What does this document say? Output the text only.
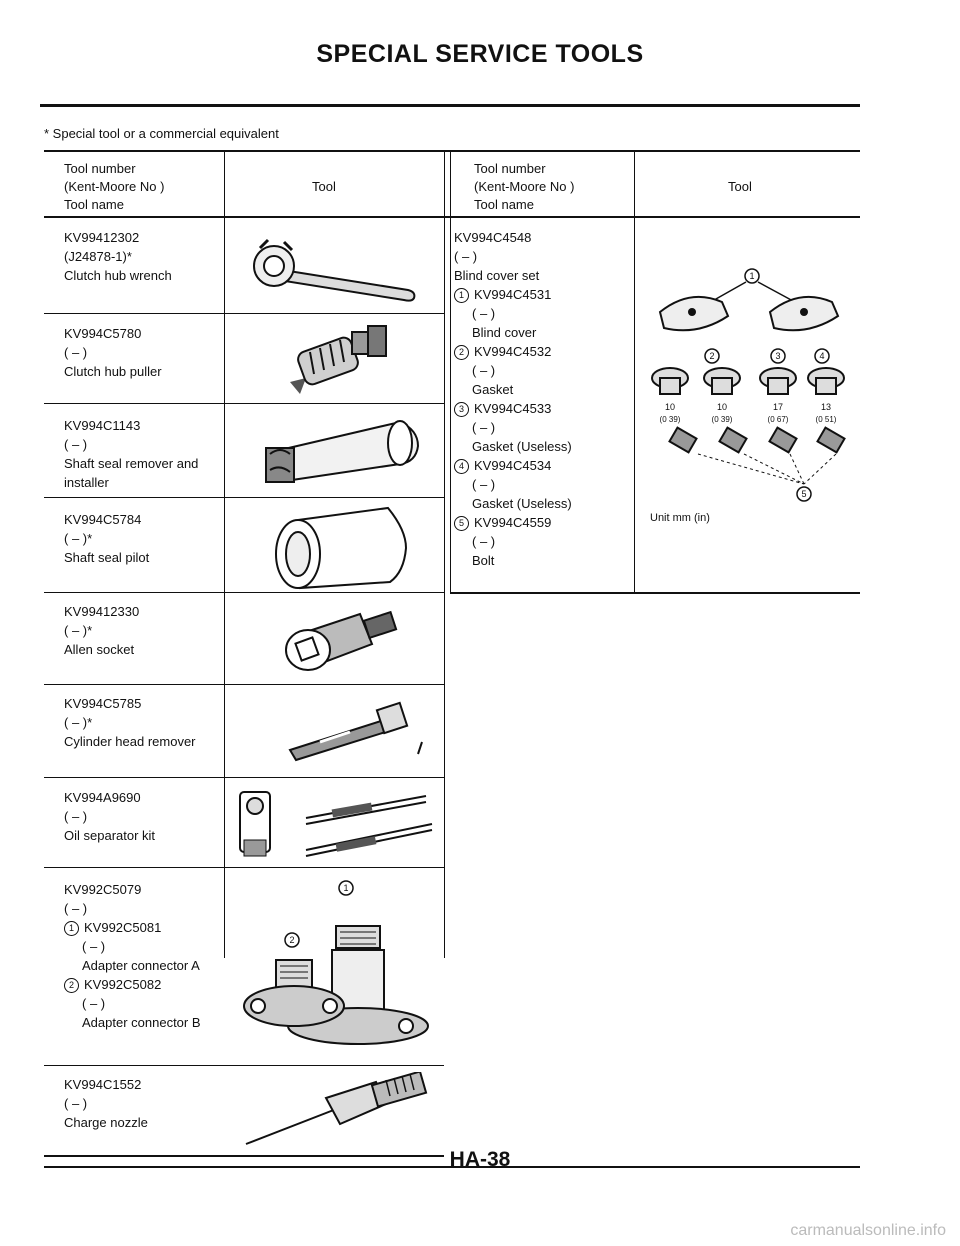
SPECIAL SERVICE TOOLS
* Special tool or a commercial equivalent
Tool number
(Kent-Moore No )
Tool name
Tool
Tool number
(Kent-Moore No )
Tool name
Tool
KV99412302
(J24878-1)*
Clutch hub wrench
KV994C5780
( – )
Clutch hub puller
KV994C1143
( – )
Shaft seal remover and
installer
KV994C5784
( – )*
Shaft seal pilot
KV99412330
( – )*
Allen socket
KV994C5785
( – )*
Cylinder head remover
KV994A9690
( – )
Oil separator kit
KV992C5079
( – )
1 KV992C5081
( – )
Adapter connector A
2 KV992C5082
( – )
Adapter connector B
KV994C1552
( – )
Charge nozzle
KV994C4548
( – )
Blind cover set
1 KV994C4531
( – )
Blind cover
2 KV994C4532
( – )
Gasket
3 KV994C4533
( – )
Gasket (Useless)
4 KV994C4534
( – )
Gasket (Useless)
5 KV994C4559
( – )
Bolt
1
2
1
2	3	4
10	10	17	13
(0 39)	(0 39)	(0 67)	(0 51)
5
Unit mm (in)
HA-38
carmanualsonline.info
